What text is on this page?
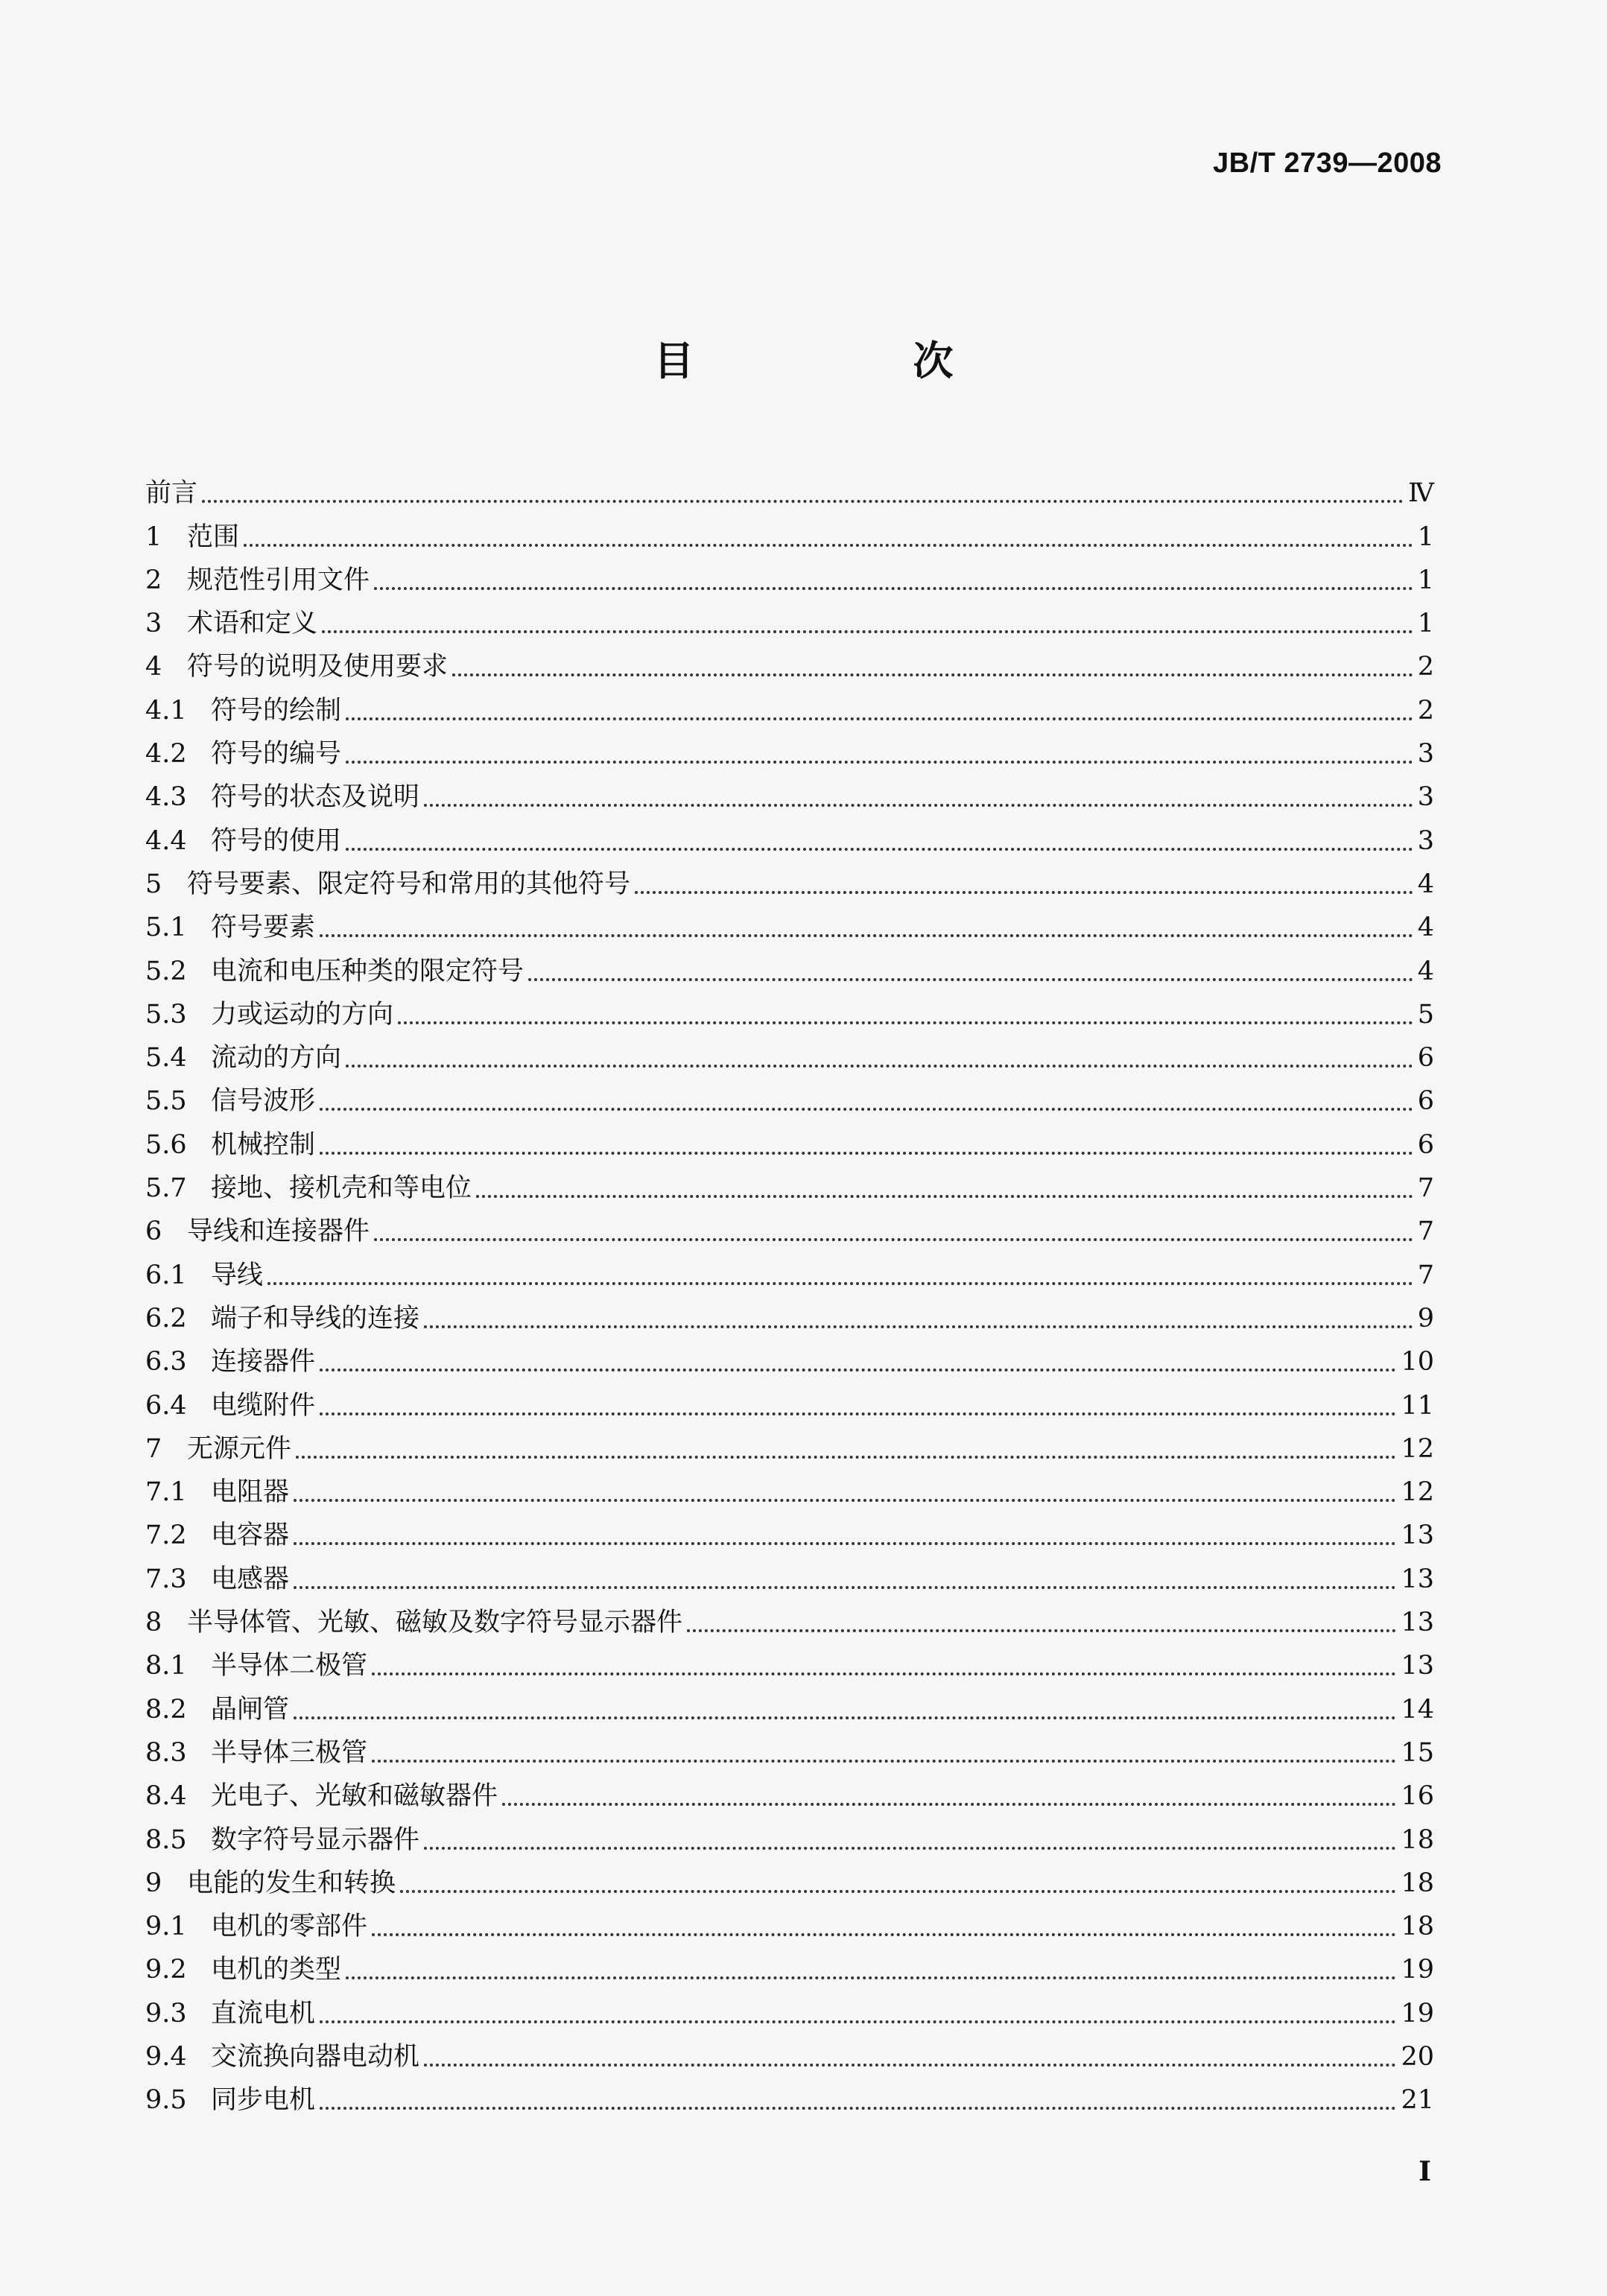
JB/T 2739—2008
目　次
前言	Ⅳ
1 范围	1
2 规范性引用文件	1
3 术语和定义	1
4 符号的说明及使用要求	2
4.1 符号的绘制	2
4.2 符号的编号	3
4.3 符号的状态及说明	3
4.4 符号的使用	3
5 符号要素、限定符号和常用的其他符号	4
5.1 符号要素	4
5.2 电流和电压种类的限定符号	4
5.3 力或运动的方向	5
5.4 流动的方向	6
5.5 信号波形	6
5.6 机械控制	6
5.7 接地、接机壳和等电位	7
6 导线和连接器件	7
6.1 导线	7
6.2 端子和导线的连接	9
6.3 连接器件	10
6.4 电缆附件	11
7 无源元件	12
7.1 电阻器	12
7.2 电容器	13
7.3 电感器	13
8 半导体管、光敏、磁敏及数字符号显示器件	13
8.1 半导体二极管	13
8.2 晶闸管	14
8.3 半导体三极管	15
8.4 光电子、光敏和磁敏器件	16
8.5 数字符号显示器件	18
9 电能的发生和转换	18
9.1 电机的零部件	18
9.2 电机的类型	19
9.3 直流电机	19
9.4 交流换向器电动机	20
9.5 同步电机	21
I
